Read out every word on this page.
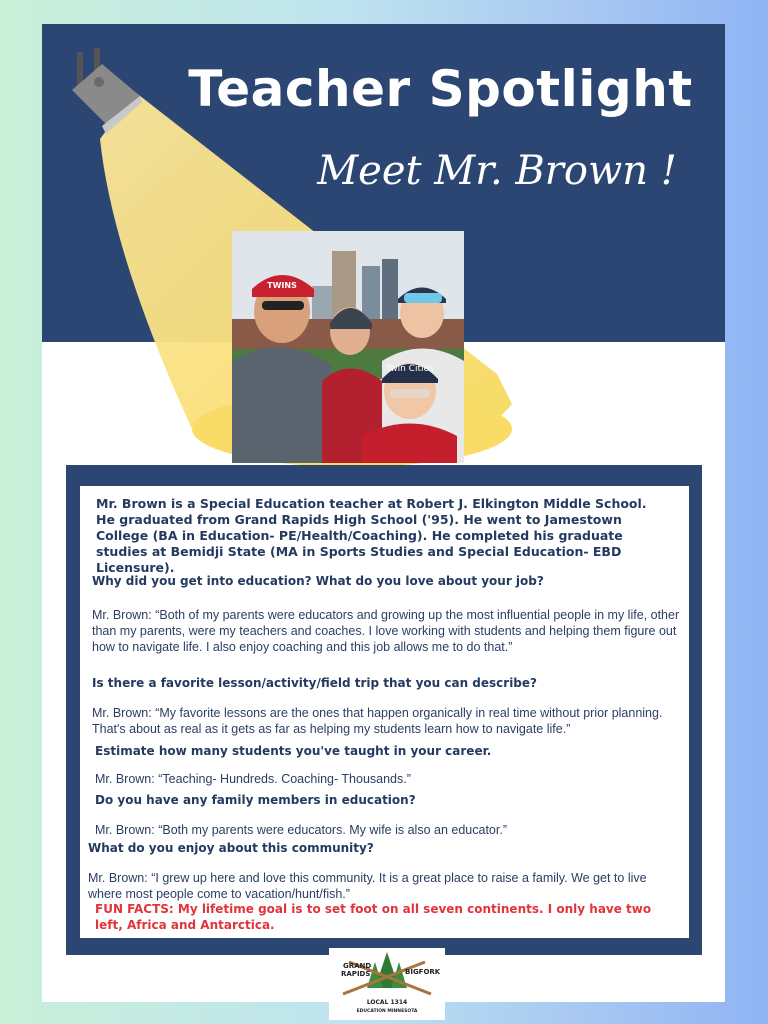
Teacher Spotlight
Meet Mr. Brown !
Twin Cities
TWINS
Mr. Brown is a Special Education teacher at Robert J. Elkington Middle School. He graduated from Grand Rapids High School ('95). He went to Jamestown College (BA in Education- PE/Health/Coaching). He completed his graduate studies at Bemidji State (MA in Sports Studies and Special Education- EBD Licensure).
Why did you get into education? What do you love about your job?
Mr. Brown: “Both of my parents were educators and growing up the most influential people in my life, other than my parents, were my teachers and coaches. I love working with students and helping them figure out how to navigate life. I also enjoy coaching and this job allows me to do that.”
Is there a favorite lesson/activity/field trip that you can describe?
Mr. Brown: “My favorite lessons are the ones that happen organically in real time without prior planning. That's about as real as it gets as far as helping my students learn how to navigate life.”
Estimate how many students you've taught in your career.
Mr. Brown: “Teaching- Hundreds. Coaching- Thousands.”
Do you have any family members in education?
Mr. Brown: “Both my parents were educators. My wife is also an educator.”
What do you enjoy about this community?
Mr. Brown: “I grew up here and love this community. It is a great place to raise a family. We get to live where most people come to vacation/hunt/fish.”
FUN FACTS: My lifetime goal is to set foot on all seven continents. I only have two left, Africa and Antarctica.
GRAND
RAPIDS	BIGFORK
LOCAL 1314
EDUCATION MINNESOTA
